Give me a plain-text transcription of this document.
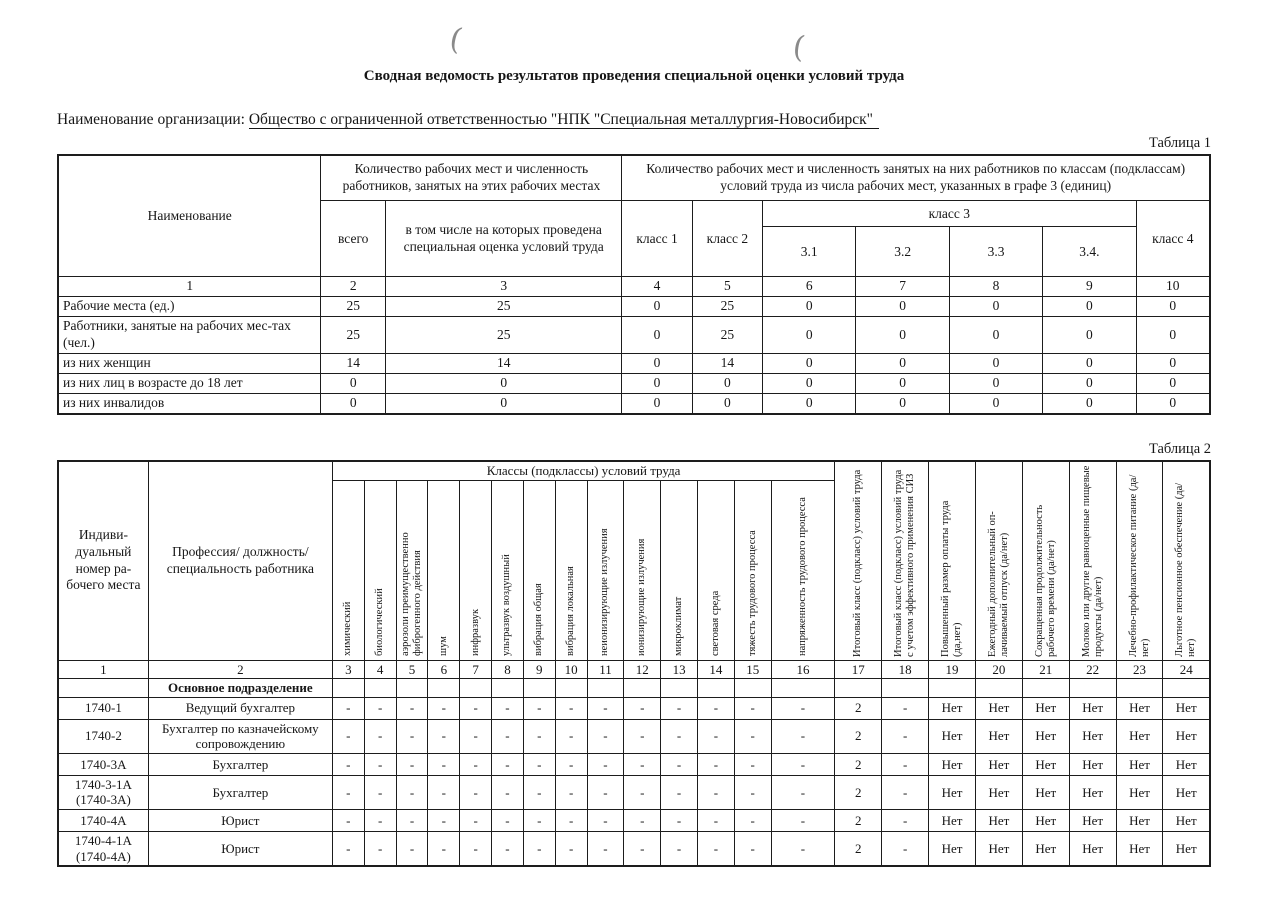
(	(
Сводная ведомость результатов проведения специальной оценки условий труда
Наименование организации: Общество с ограниченной ответственностью "НПК "Специальная металлургия-Новосибирск"
Таблица 1
Наименование	Количество рабочих мест и численность работников, занятых на этих рабочих местах		Количество рабочих мест и численность занятых на них работников по классам (подклассам) условий труда из числа рабочих мест, указанных в графе 3 (единиц)						
	всего	в том числе на которых проведена специальная оценка условий труда	класс 1	класс 2	класс 3				класс 4
					3.1	3.2	3.3	3.4.	
1	2	3	4	5	6	7	8	9	10
Рабочие места (ед.)	25	25	0	25	0	0	0	0	0
Работники, занятые на рабочих мес-тах (чел.)	25	25	0	25	0	0	0	0	0
из них женщин	14	14	0	14	0	0	0	0	0
из них лиц в возрасте до 18 лет	0	0	0	0	0	0	0	0	0
из них инвалидов	0	0	0	0	0	0	0	0	0
Таблица 2
Индивидуальный номер рабочего места	Профессия/ должность/ специальность работника	Классы (подклассы) условий труда														Итоговый класс (подкласс) условий труда	Итоговый класс (подкласс) условий труда с учетом эффективного применения СИЗ	Повышенный размер оплаты труда (да,нет)	Ежегодный дополнительный оплачиваемый отпуск (да/нет)	Сокращенная продолжительность рабочего времени (да/нет)	Молоко или другие равноценные пищевые продукты (да/нет)	Лечебно-профилактическое питание (да/нет)	Льготное пенсионное обеспечение (да/нет)

		химический	биологический	аэрозоли преимущественно фиброгенного действия	шум	инфразвук	ультразвук воздушный	вибрация общая	вибрация локальная	неионизирующие излучения	ионизирующие излучения	микроклимат	световая среда	тяжесть трудового процесса	напряженность трудового процесса								

1	2	3	4	5	6	7	8	9	10	11	12	13	14	15	16	17	18	19	20	21	22	23	24
	Основное подразделение																						
1740-1	Ведущий бухгалтер	-	-	-	-	-	-	-	-	-	-	-	-	-	-	2	-	Нет	Нет	Нет	Нет	Нет	Нет
1740-2	Бухгалтер по казначейскому сопровождению	-	-	-	-	-	-	-	-	-	-	-	-	-	-	2	-	Нет	Нет	Нет	Нет	Нет	Нет
1740-3А	Бухгалтер	-	-	-	-	-	-	-	-	-	-	-	-	-	-	2	-	Нет	Нет	Нет	Нет	Нет	Нет
1740-3-1А (1740-3А)	Бухгалтер	-	-	-	-	-	-	-	-	-	-	-	-	-	-	2	-	Нет	Нет	Нет	Нет	Нет	Нет
1740-4А	Юрист	-	-	-	-	-	-	-	-	-	-	-	-	-	-	2	-	Нет	Нет	Нет	Нет	Нет	Нет
1740-4-1А (1740-4А)	Юрист	-	-	-	-	-	-	-	-	-	-	-	-	-	-	2	-	Нет	Нет	Нет	Нет	Нет	Нет
